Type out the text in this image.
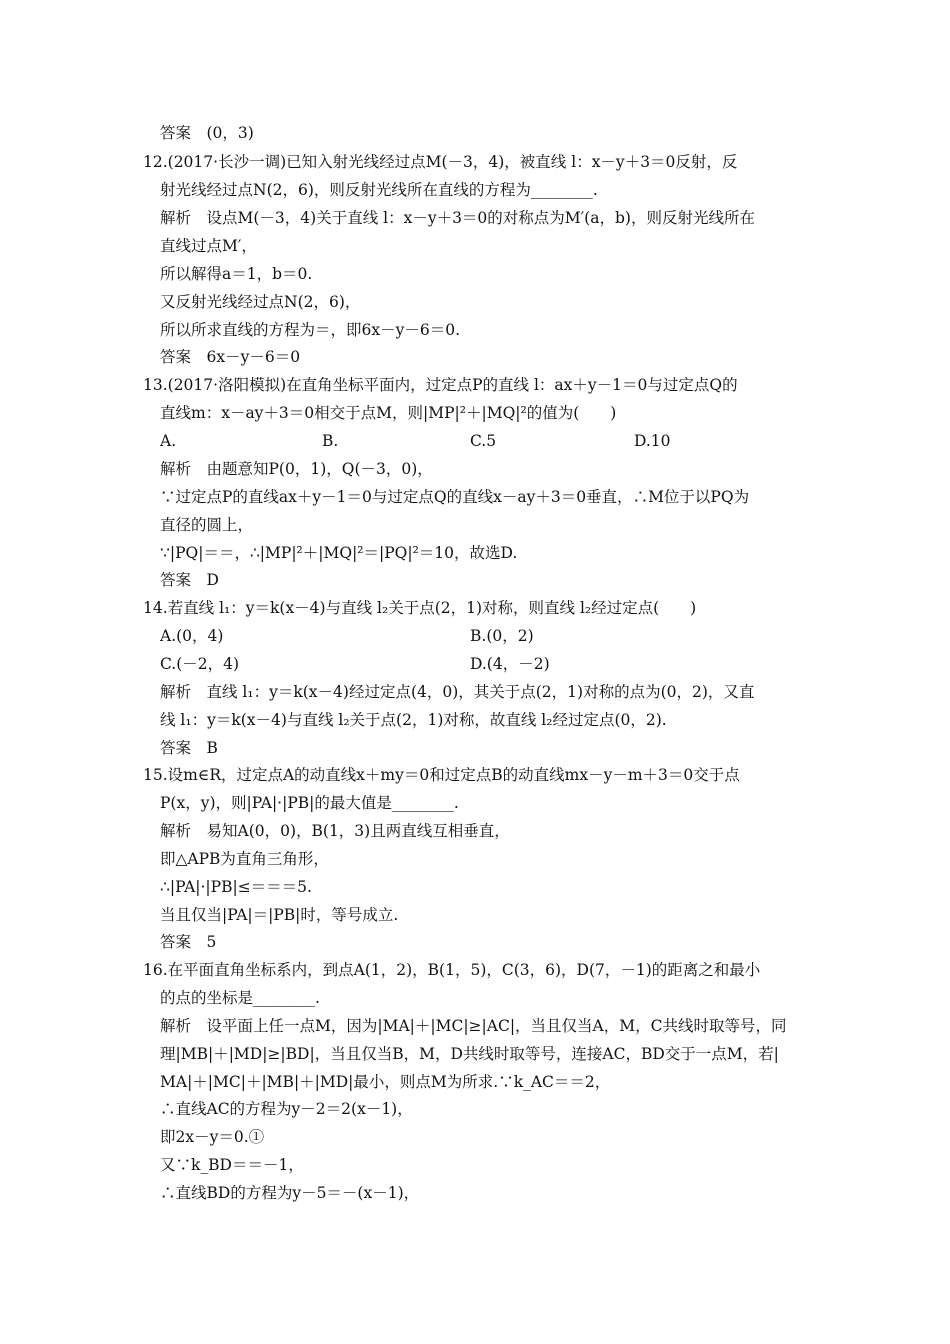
答案　(0，3)
12.(2017·长沙一调)已知入射光线经过点M(－3，4)，被直线 l：x－y＋3＝0反射，反
射光线经过点N(2，6)，则反射光线所在直线的方程为________.
解析　设点M(－3，4)关于直线 l：x－y＋3＝0的对称点为M′(a，b)，则反射光线所在
直线过点M′，
所以解得a＝1，b＝0.
又反射光线经过点N(2，6)，
所以所求直线的方程为＝，即6x－y－6＝0.
答案　6x－y－6＝0
13.(2017·洛阳模拟)在直角坐标平面内，过定点P的直线 l：ax＋y－1＝0与过定点Q的
直线m：x－ay＋3＝0相交于点M，则|MP|²＋|MQ|²的值为(　　)
解析　由题意知P(0，1)，Q(－3，0)，
∵过定点P的直线ax＋y－1＝0与过定点Q的直线x－ay＋3＝0垂直，∴M位于以PQ为
直径的圆上，
∵|PQ|＝＝，∴|MP|²＋|MQ|²＝|PQ|²＝10，故选D.
答案　D
14.若直线 l₁：y＝k(x－4)与直线 l₂关于点(2，1)对称，则直线 l₂经过定点(　　)
解析　直线 l₁：y＝k(x－4)经过定点(4，0)，其关于点(2，1)对称的点为(0，2)，又直
线 l₁：y＝k(x－4)与直线 l₂关于点(2，1)对称，故直线 l₂经过定点(0，2).
答案　B
15.设m∈R，过定点A的动直线x＋my＝0和过定点B的动直线mx－y－m＋3＝0交于点
P(x，y)，则|PA|·|PB|的最大值是________.
解析　易知A(0，0)，B(1，3)且两直线互相垂直，
即△APB为直角三角形，
∴|PA|·|PB|≤＝＝＝5.
当且仅当|PA|＝|PB|时，等号成立.
答案　5
16.在平面直角坐标系内，到点A(1，2)，B(1，5)，C(3，6)，D(7，－1)的距离之和最小
的点的坐标是________.
解析　设平面上任一点M，因为|MA|＋|MC|≥|AC|，当且仅当A，M，C共线时取等号，同
理|MB|＋|MD|≥|BD|，当且仅当B，M，D共线时取等号，连接AC，BD交于一点M，若|
MA|＋|MC|＋|MB|＋|MD|最小，则点M为所求.∵k_AC＝＝2，
∴直线AC的方程为y－2＝2(x－1)，
即2x－y＝0.①
又∵k_BD＝＝－1，
∴直线BD的方程为y－5＝－(x－1)，
A.	B.	C.5	D.10
A.(0，4)	B.(0，2)
C.(－2，4)	D.(4，－2)
